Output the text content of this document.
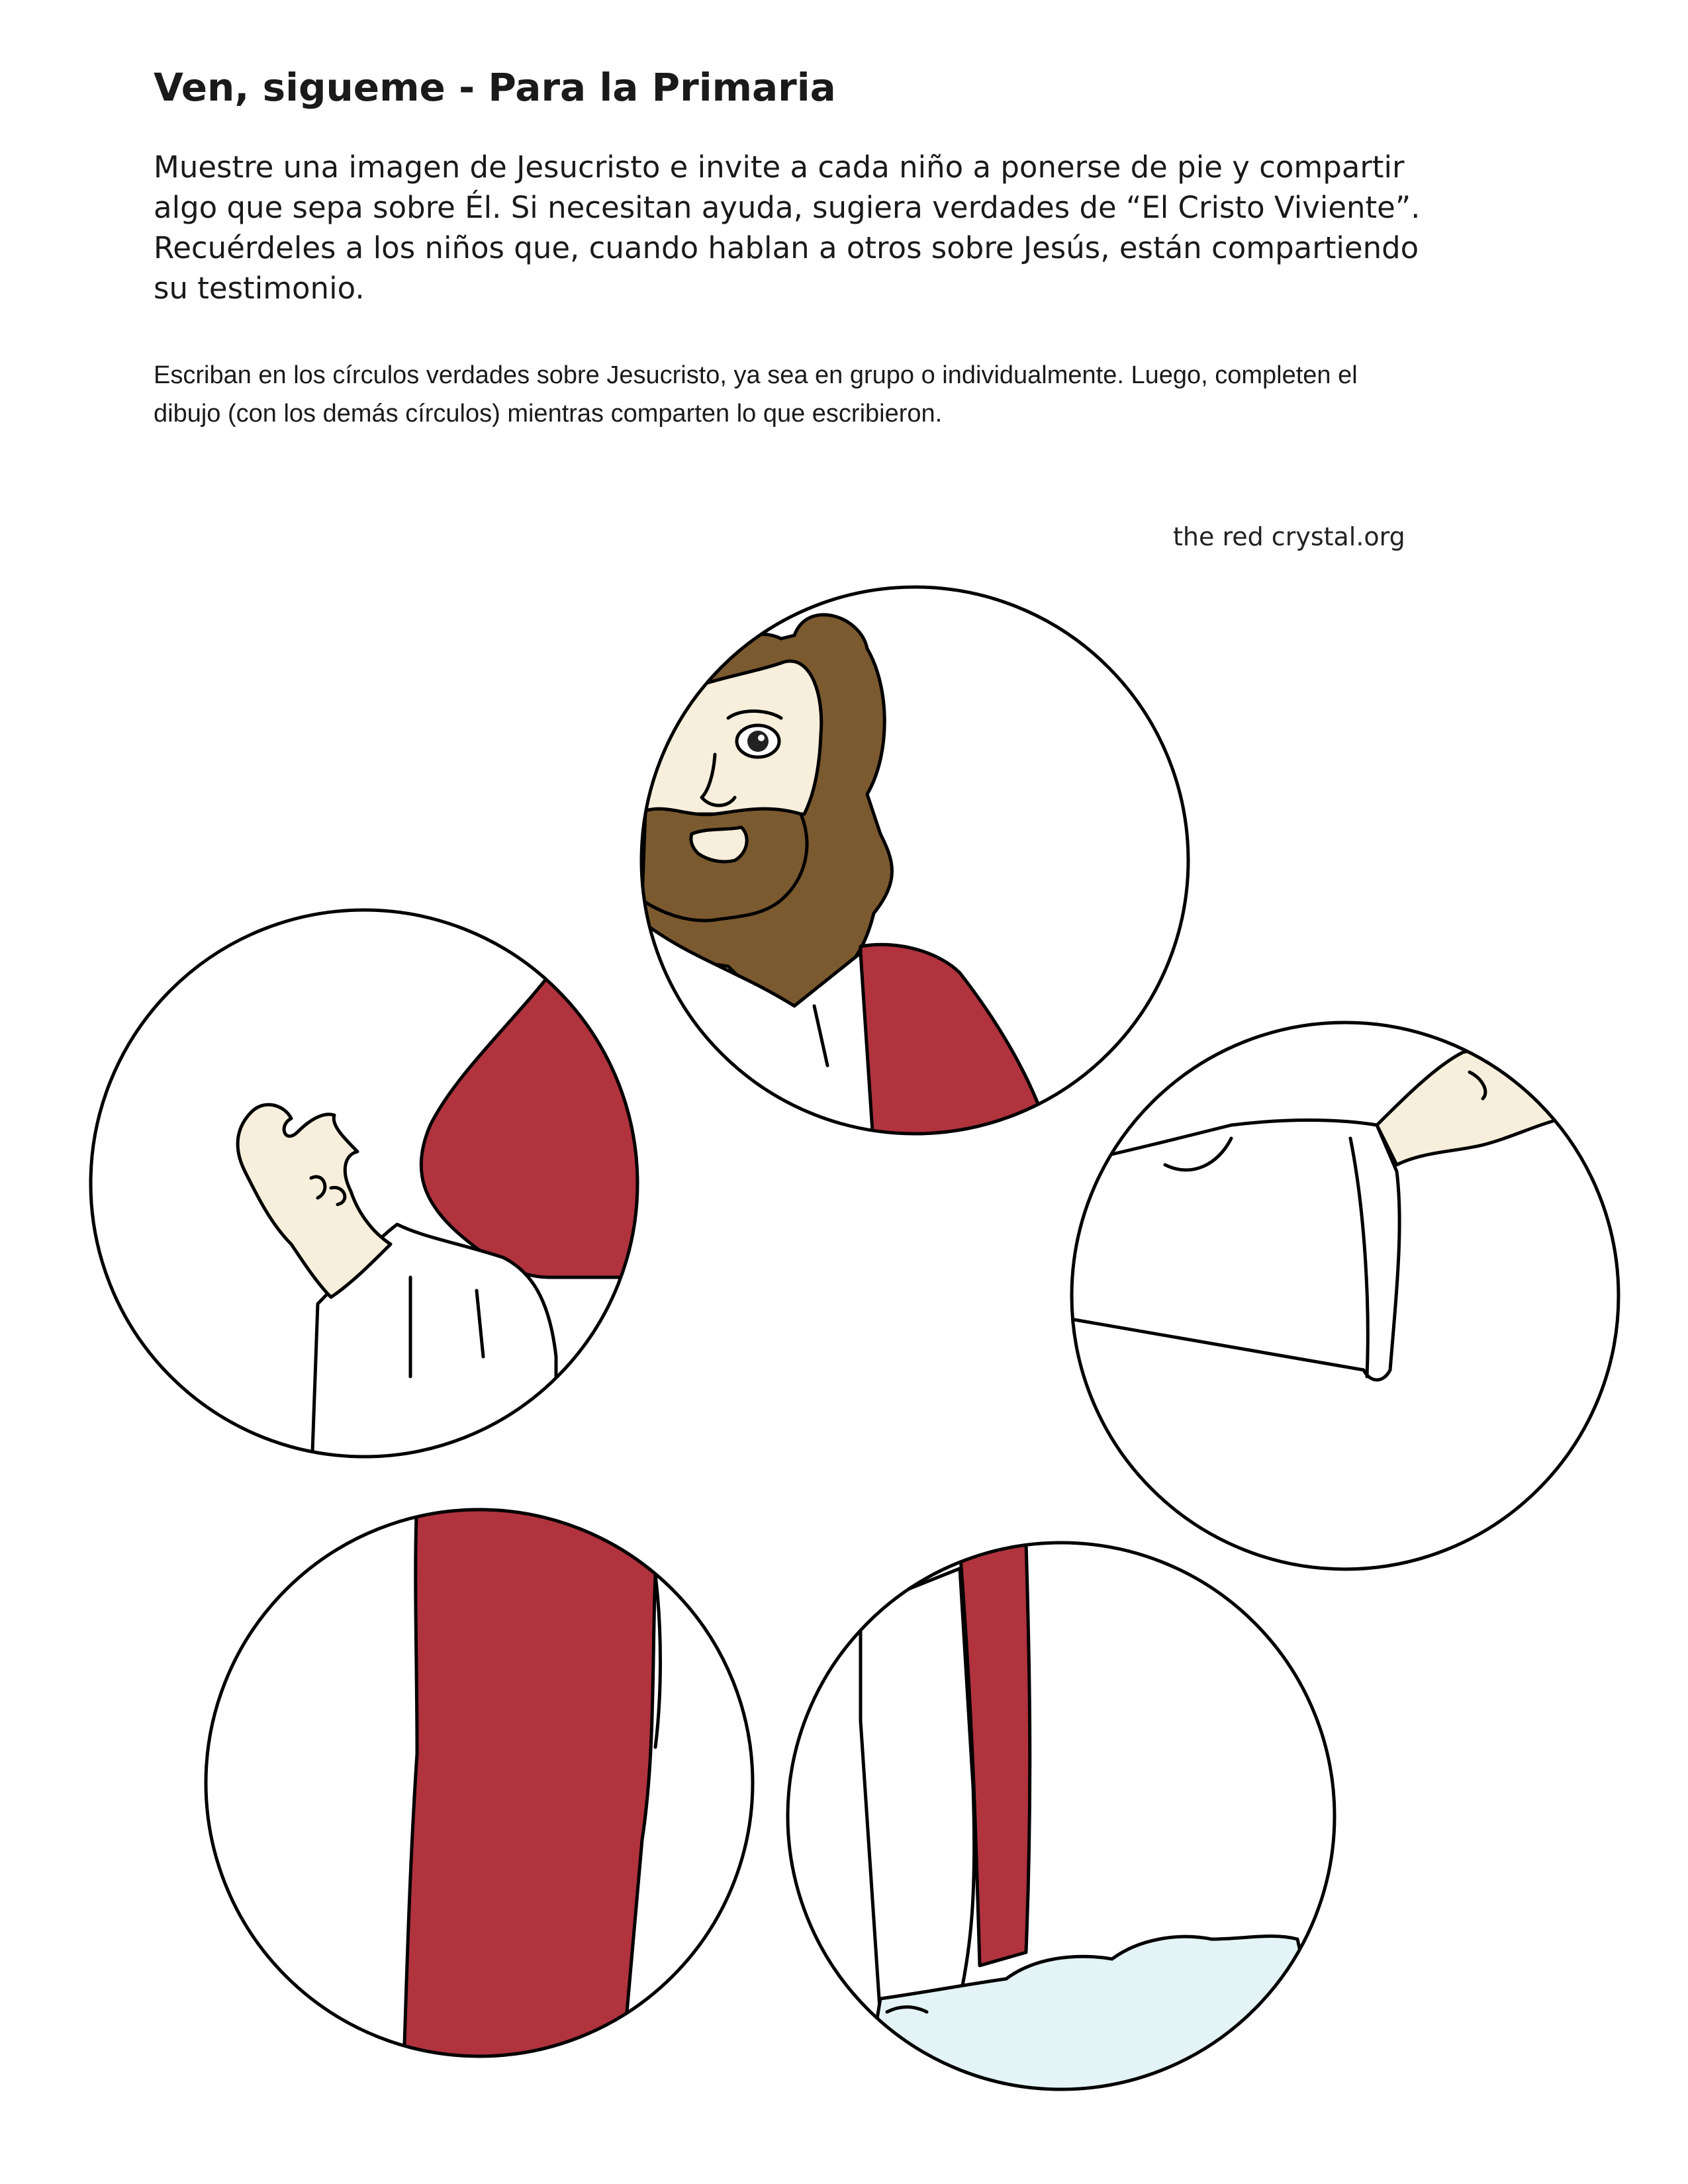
Ven, sigueme - Para la Primaria
Muestre una imagen de Jesucristo e invite a cada niño a ponerse de pie y compartir
algo que sepa sobre Él. Si necesitan ayuda, sugiera verdades de “El Cristo Viviente”.
Recuérdeles a los niños que, cuando hablan a otros sobre Jesús, están compartiendo
su testimonio.
Escriban en los círculos verdades sobre Jesucristo, ya sea en grupo o individualmente. Luego, completen el
dibujo (con los demás círculos) mientras comparten lo que escribieron.
the red crystal.org
